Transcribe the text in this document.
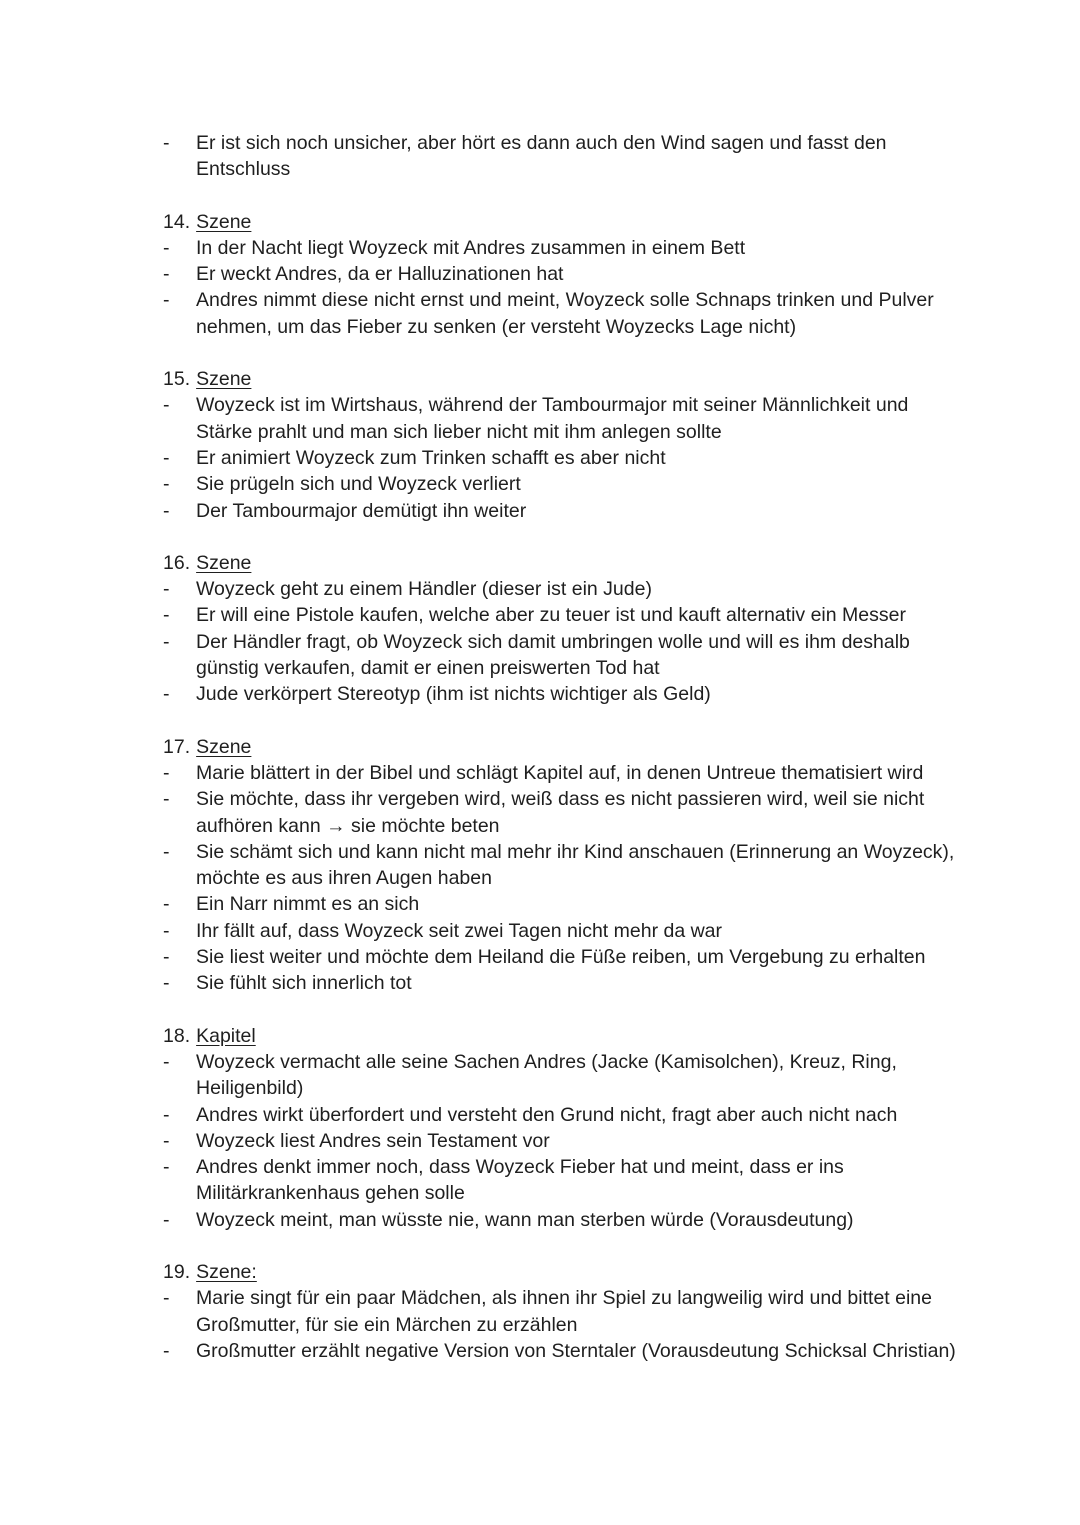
- Er ist sich noch unsicher, aber hört es dann auch den Wind sagen und fasst den Entschluss
14. Szene
- In der Nacht liegt Woyzeck mit Andres zusammen in einem Bett
- Er weckt Andres, da er Halluzinationen hat
- Andres nimmt diese nicht ernst und meint, Woyzeck solle Schnaps trinken und Pulver nehmen, um das Fieber zu senken (er versteht Woyzecks Lage nicht)
15. Szene
- Woyzeck ist im Wirtshaus, während der Tambourmajor mit seiner Männlichkeit und Stärke prahlt und man sich lieber nicht mit ihm anlegen sollte
- Er animiert Woyzeck zum Trinken schafft es aber nicht
- Sie prügeln sich und Woyzeck verliert
- Der Tambourmajor demütigt ihn weiter
16. Szene
- Woyzeck geht zu einem Händler (dieser ist ein Jude)
- Er will eine Pistole kaufen, welche aber zu teuer ist und kauft alternativ ein Messer
- Der Händler fragt, ob Woyzeck sich damit umbringen wolle und will es ihm deshalb günstig verkaufen, damit er einen preiswerten Tod hat
- Jude verkörpert Stereotyp (ihm ist nichts wichtiger als Geld)
17. Szene
- Marie blättert in der Bibel und schlägt Kapitel auf, in denen Untreue thematisiert wird
- Sie möchte, dass ihr vergeben wird, weiß dass es nicht passieren wird, weil sie nicht aufhören kann → sie möchte beten
- Sie schämt sich und kann nicht mal mehr ihr Kind anschauen (Erinnerung an Woyzeck), möchte es aus ihren Augen haben
- Ein Narr nimmt es an sich
- Ihr fällt auf, dass Woyzeck seit zwei Tagen nicht mehr da war
- Sie liest weiter und möchte dem Heiland die Füße reiben, um Vergebung zu erhalten
- Sie fühlt sich innerlich tot
18. Kapitel
- Woyzeck vermacht alle seine Sachen Andres (Jacke (Kamisolchen), Kreuz, Ring, Heiligenbild)
- Andres wirkt überfordert und versteht den Grund nicht, fragt aber auch nicht nach
- Woyzeck liest Andres sein Testament vor
- Andres denkt immer noch, dass Woyzeck Fieber hat und meint, dass er ins Militärkrankenhaus gehen solle
- Woyzeck meint, man wüsste nie, wann man sterben würde (Vorausdeutung)
19. Szene:
- Marie singt für ein paar Mädchen, als ihnen ihr Spiel zu langweilig wird und bittet eine Großmutter, für sie ein Märchen zu erzählen
- Großmutter erzählt negative Version von Sterntaler (Vorausdeutung Schicksal Christian)
